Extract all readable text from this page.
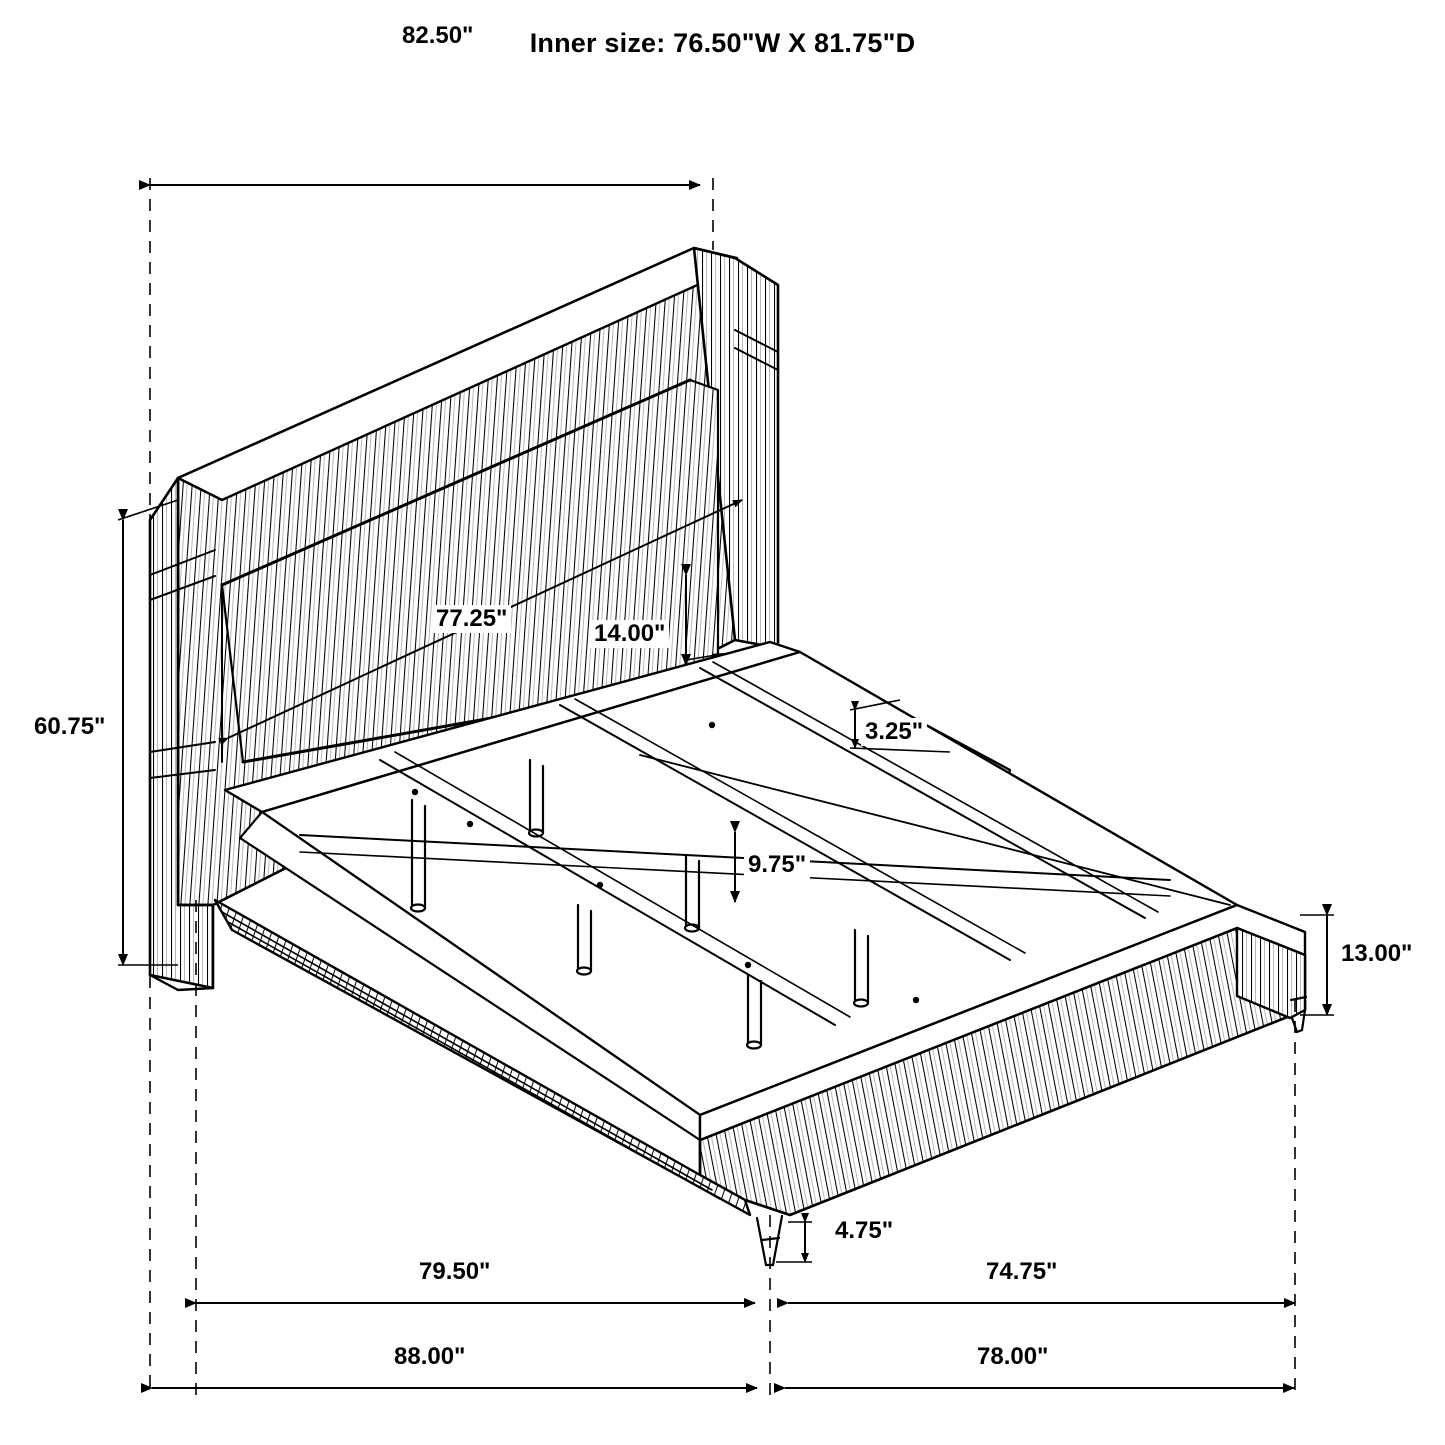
Inner size: 76.50"W X 81.75"D
82.50"
60.75"
77.25"
14.00"
3.25"
9.75"
13.00"
4.75"
79.50"	74.75"
88.00"	78.00"
